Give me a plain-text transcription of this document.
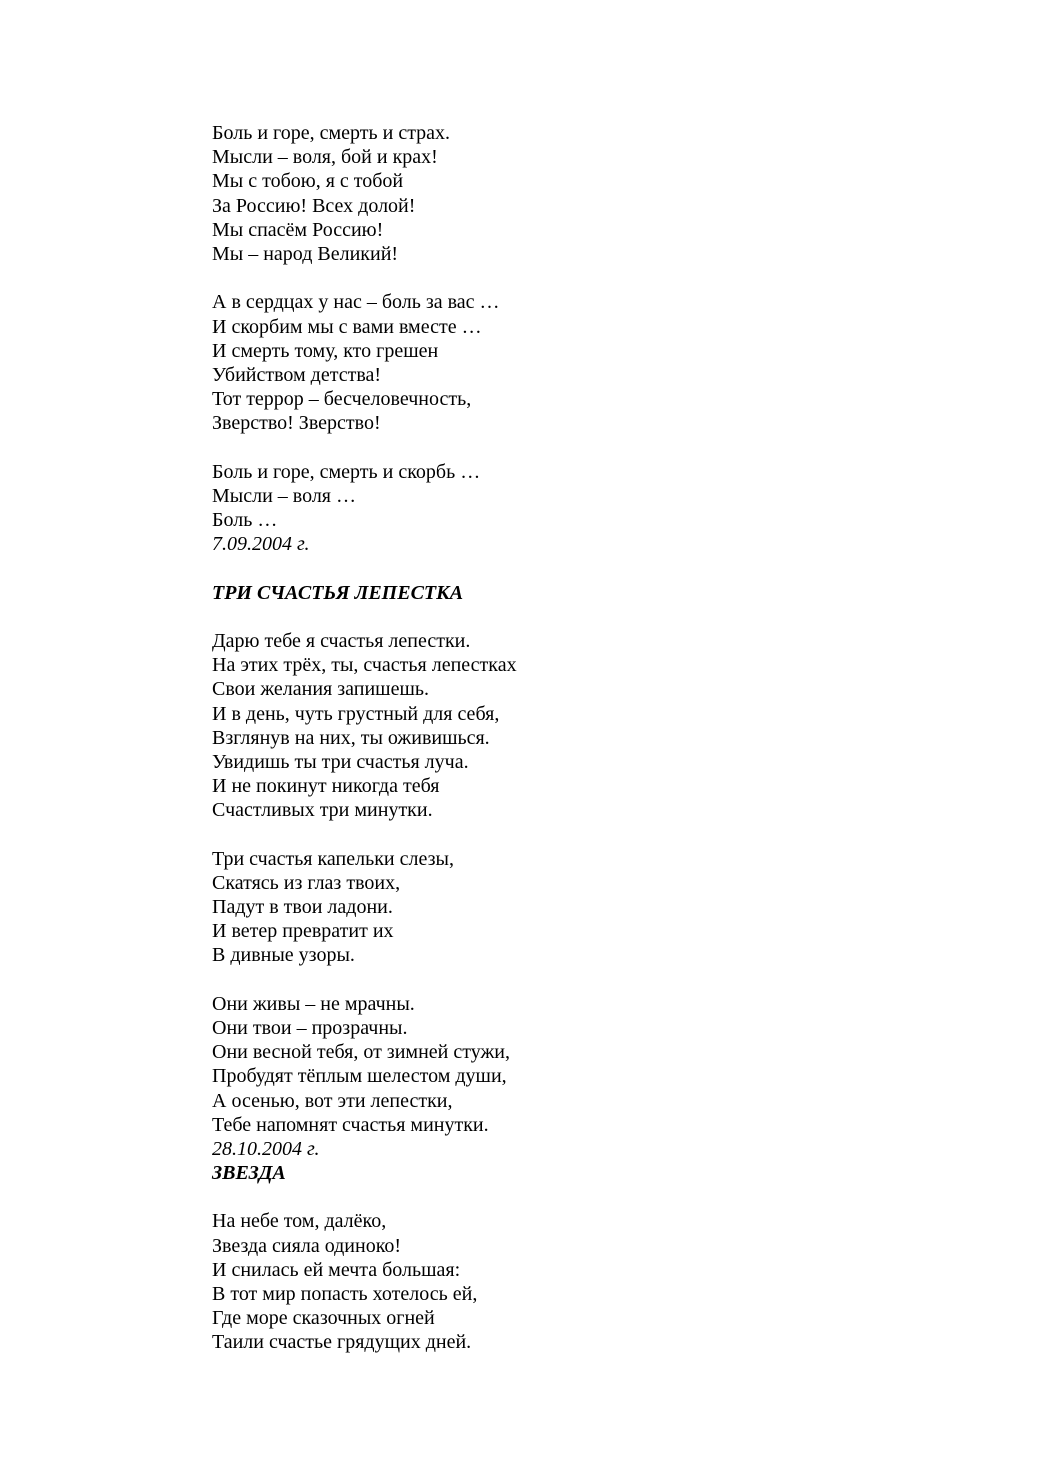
Боль и горе, смерть и страх.
Мысли – воля, бой и крах!
Мы с тобою, я с тобой
За Россию! Всех долой!
Мы спасём Россию!
Мы – народ Великий!
А в сердцах у нас – боль за вас …
И скорбим мы с вами вместе …
И смерть тому, кто грешен
Убийством детства!
Тот террор – бесчеловечность,
Зверство! Зверство!
Боль и горе, смерть и скорбь …
Мысли – воля …
Боль …
7.09.2004 г.
ТРИ СЧАСТЬЯ ЛЕПЕСТКА
Дарю тебе я счастья лепестки.
На этих трёх, ты, счастья лепестках
Свои желания запишешь.
И в день, чуть грустный для себя,
Взглянув на них, ты оживишься.
Увидишь ты три счастья луча.
И не покинут никогда тебя
Счастливых три минутки.
Три счастья капельки слезы,
Скатясь из глаз твоих,
Падут в твои ладони.
И ветер превратит их
В дивные узоры.
Они живы – не мрачны.
Они твои – прозрачны.
Они весной тебя, от зимней стужи,
Пробудят тёплым шелестом души,
А осенью, вот эти лепестки,
Тебе напомнят счастья минутки.
28.10.2004 г.
ЗВЕЗДА
На небе том, далёко,
Звезда сияла одиноко!
И снилась ей мечта большая:
В тот мир попасть хотелось ей,
Где море сказочных огней
Таили счастье грядущих дней.
